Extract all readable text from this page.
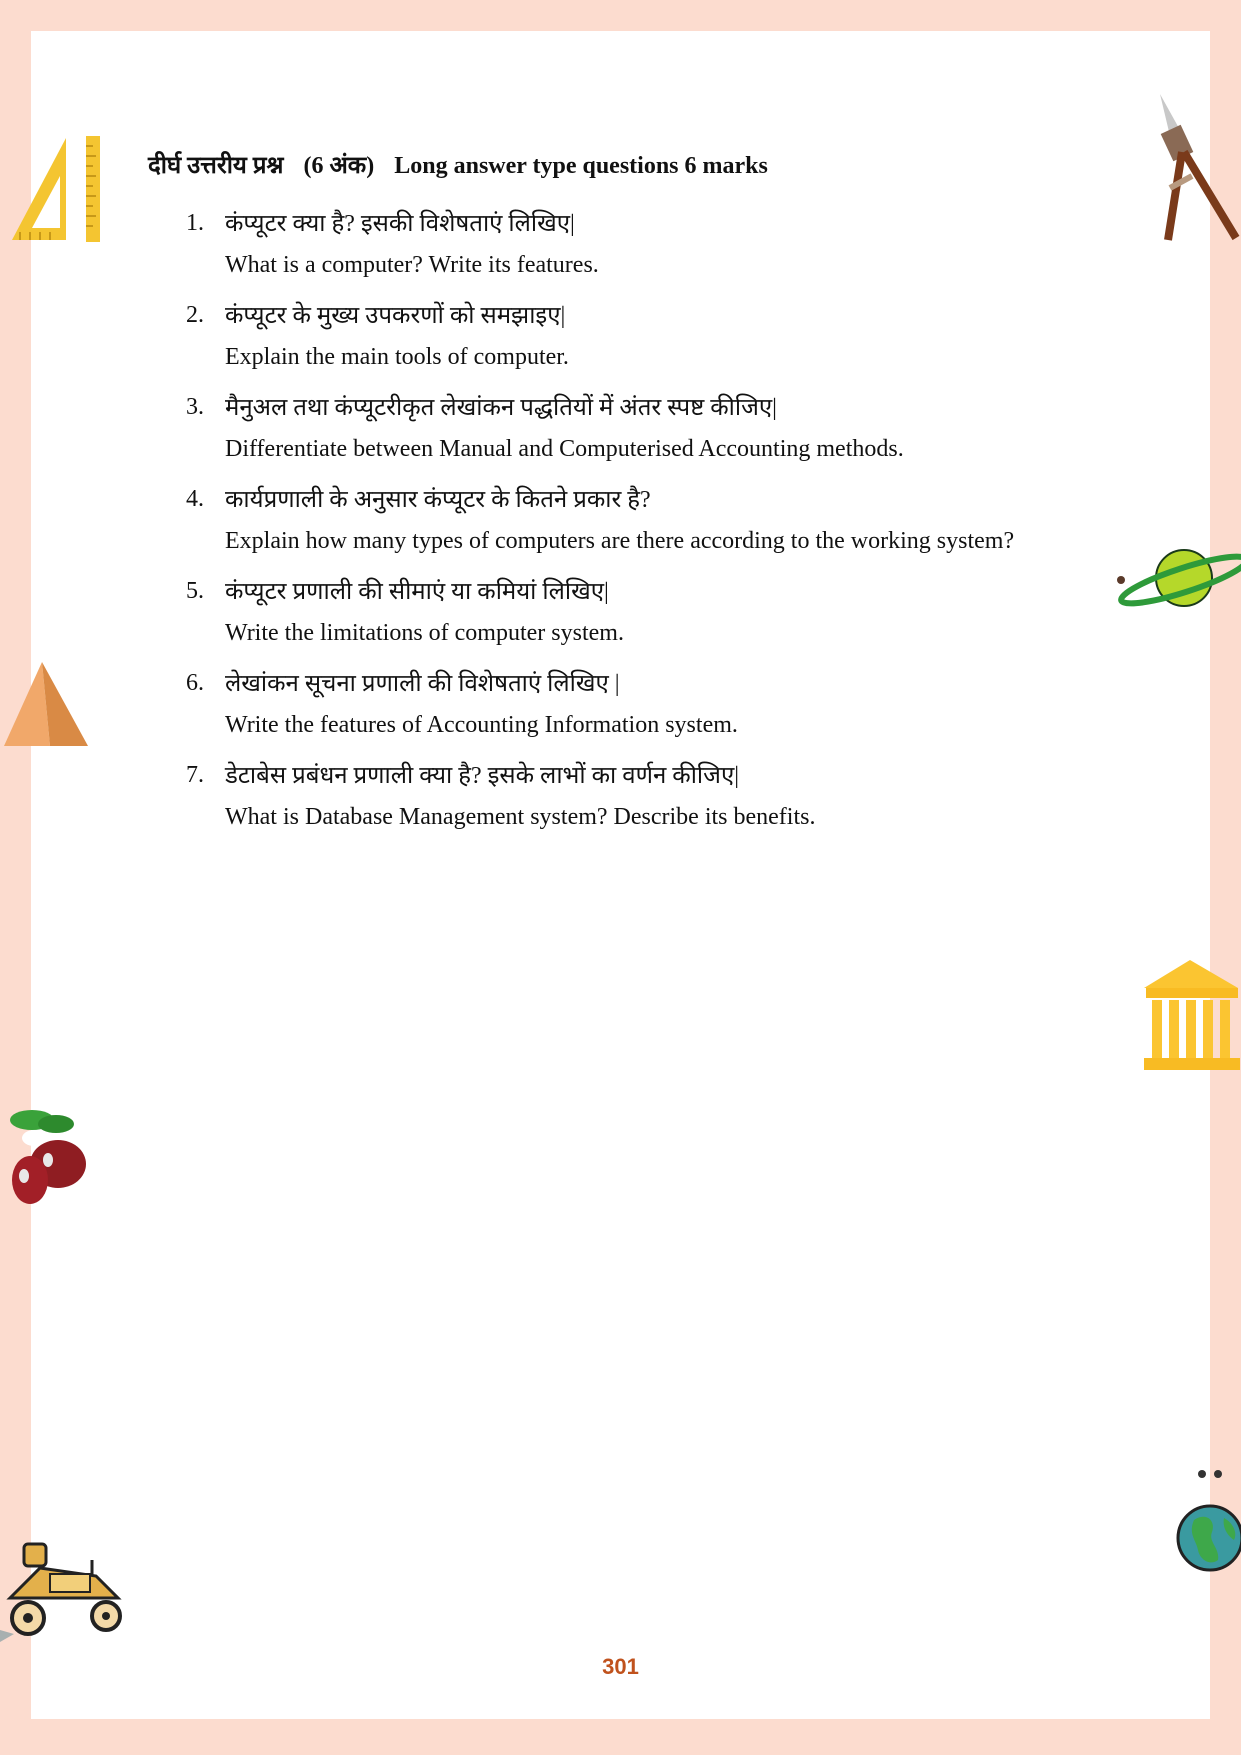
दीर्घ उत्तरीय प्रश्न (6 अंक) Long answer type questions 6 marks
1. कंप्यूटर क्या है? इसकी विशेषताएं लिखिए|
What is a computer? Write its features.
2. कंप्यूटर के मुख्य उपकरणों को समझाइए|
Explain the main tools of computer.
3. मैनुअल तथा कंप्यूटरीकृत लेखांकन पद्धतियों में अंतर स्पष्ट कीजिए|
Differentiate between Manual and Computerised Accounting methods.
4. कार्यप्रणाली के अनुसार कंप्यूटर के कितने प्रकार है?
Explain how many types of computers are there according to the working system?
5. कंप्यूटर प्रणाली की सीमाएं या कमियां लिखिए|
Write the limitations of computer system.
6. लेखांकन सूचना प्रणाली की विशेषताएं लिखिए |
Write the features of Accounting Information system.
7. डेटाबेस प्रबंधन प्रणाली क्या है? इसके लाभों का वर्णन कीजिए|
What is Database Management system? Describe its benefits.
301
